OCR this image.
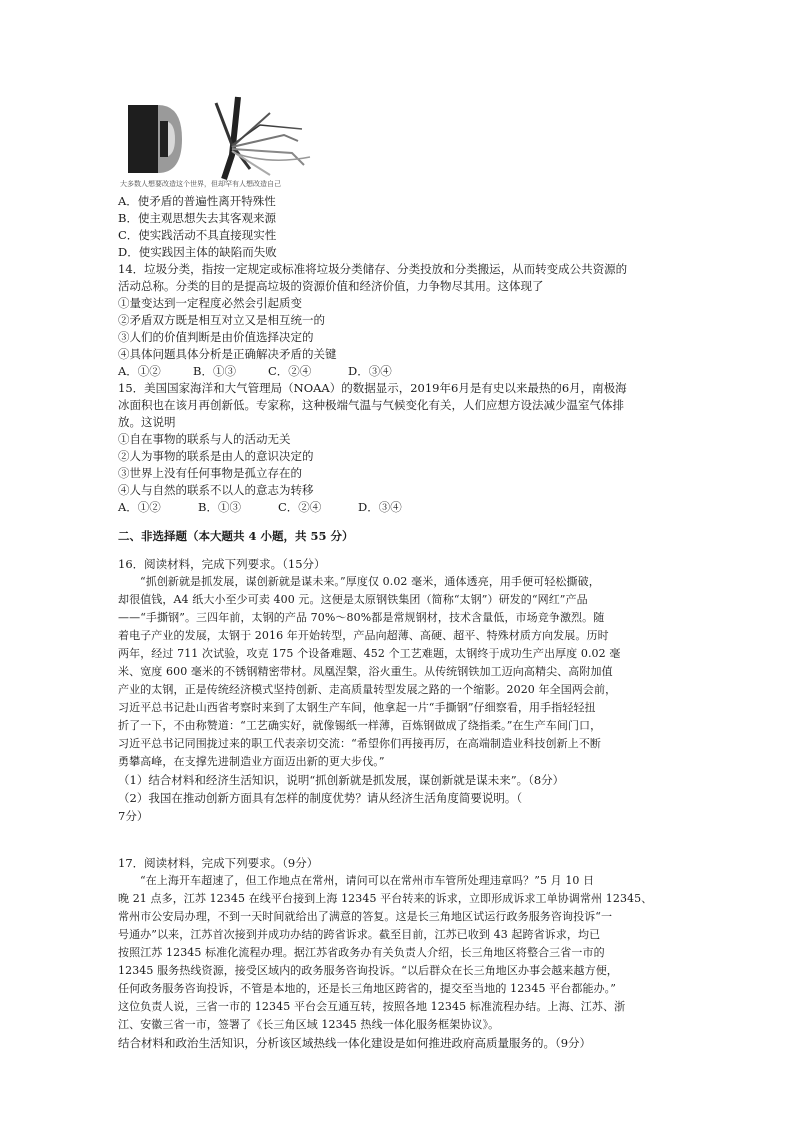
大多数人想要改造这个世界，但却罕有人想改造自己

A．使矛盾的普遍性离开特殊性

B．使主观思想失去其客观来源

C．使实践活动不具直接现实性

D．使实践因主体的缺陷而失败

14．垃圾分类，指按一定规定或标准将垃圾分类储存、分类投放和分类搬运，从而转变成公共资源的

活动总称。分类的目的是提高垃圾的资源价值和经济价值，力争物尽其用。这体现了

①量变达到一定程度必然会引起质变

②矛盾双方既是相互对立又是相互统一的

③人们的价值判断是由价值选择决定的

④具体问题具体分析是正确解决矛盾的关键

A．①②	B．①③	C．②④	D．③④

15．美国国家海洋和大气管理局（NOAA）的数据显示，2019年6月是有史以来最热的6月，南极海

冰面积也在该月再创新低。专家称，这种极端气温与气候变化有关，人们应想方设法减少温室气体排

放。这说明

①自在事物的联系与人的活动无关

②人为事物的联系是由人的意识决定的

③世界上没有任何事物是孤立存在的

④人与自然的联系不以人的意志为转移

A．①②	B．①③	C．②④	D．③④

二、非选择题（本大题共 4 小题，共 55 分）

16．阅读材料，完成下列要求。（15分）

“抓创新就是抓发展，谋创新就是谋未来。”厚度仅 0.02 毫米，通体透亮，用手便可轻松撕破，

却很值钱，A4 纸大小至少可卖 400 元。这便是太原钢铁集团（简称“太钢”）研发的“网红”产品

——“手撕钢”。三四年前，太钢的产品 70%～80%都是常规钢材，技术含量低，市场竞争激烈。随

着电子产业的发展，太钢于 2016 年开始转型，产品向超薄、高硬、超平、特殊材质方向发展。历时

两年，经过 711 次试验，攻克 175 个设备难题、452 个工艺难题，太钢终于成功生产出厚度 0.02 毫

米、宽度 600 毫米的不锈钢精密带材。凤凰涅槃，浴火重生。从传统钢铁加工迈向高精尖、高附加值

产业的太钢，正是传统经济模式坚持创新、走高质量转型发展之路的一个缩影。2020 年全国两会前，

习近平总书记赴山西省考察时来到了太钢生产车间，他拿起一片“手撕钢”仔细察看，用手指轻轻扭

折了一下，不由称赞道：“工艺确实好，就像锡纸一样薄，百炼钢做成了绕指柔。”在生产车间门口，

习近平总书记同围拢过来的职工代表亲切交流：“希望你们再接再厉，在高端制造业科技创新上不断

勇攀高峰，在支撑先进制造业方面迈出新的更大步伐。”

（1）结合材料和经济生活知识，说明“抓创新就是抓发展，谋创新就是谋未来”。（8分）

（2）我国在推动创新方面具有怎样的制度优势？请从经济生活角度简要说明。（

7分）

17．阅读材料，完成下列要求。（9分）

“在上海开车超速了，但工作地点在常州，请问可以在常州市车管所处理违章吗？”5 月 10 日

晚 21 点多，江苏 12345 在线平台接到上海 12345 平台转来的诉求，立即形成诉求工单协调常州 12345、

常州市公安局办理，不到一天时间就给出了满意的答复。这是长三角地区试运行政务服务咨询投诉“一

号通办”以来，江苏首次接到并成功办结的跨省诉求。截至目前，江苏已收到 43 起跨省诉求，均已

按照江苏 12345 标准化流程办理。据江苏省政务办有关负责人介绍，长三角地区将整合三省一市的

12345 服务热线资源，接受区域内的政务服务咨询投诉。“以后群众在长三角地区办事会越来越方便，

任何政务服务咨询投诉，不管是本地的，还是长三角地区跨省的，提交至当地的 12345 平台都能办。”

这位负责人说，三省一市的 12345 平台会互通互转，按照各地 12345 标准流程办结。上海、江苏、浙

江、安徽三省一市，签署了《长三角区域 12345 热线一体化服务框架协议》。

结合材料和政治生活知识，分析该区域热线一体化建设是如何推进政府高质量服务的。（9分）
